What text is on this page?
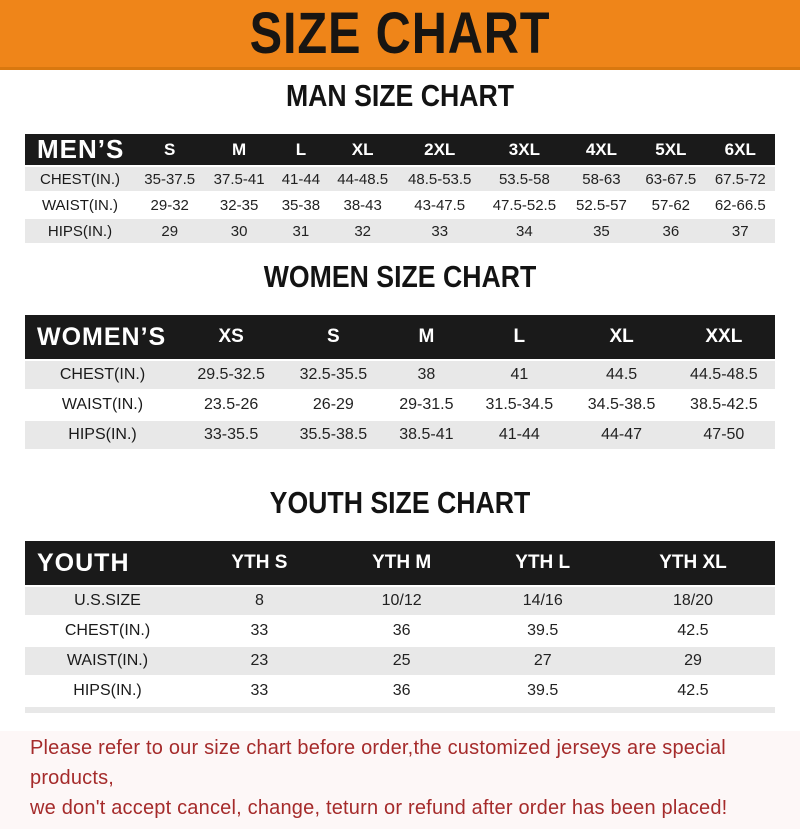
SIZE CHART
MAN SIZE CHART
MEN’S	S	M	L	XL	2XL	3XL	4XL	5XL	6XL
CHEST(IN.)	35-37.5	37.5-41	41-44	44-48.5	48.5-53.5	53.5-58	58-63	63-67.5	67.5-72
WAIST(IN.)	29-32	32-35	35-38	38-43	43-47.5	47.5-52.5	52.5-57	57-62	62-66.5
HIPS(IN.)	29	30	31	32	33	34	35	36	37
WOMEN SIZE CHART
WOMEN’S	XS	S	M	L	XL	XXL
CHEST(IN.)	29.5-32.5	32.5-35.5	38	41	44.5	44.5-48.5
WAIST(IN.)	23.5-26	26-29	29-31.5	31.5-34.5	34.5-38.5	38.5-42.5
HIPS(IN.)	33-35.5	35.5-38.5	38.5-41	41-44	44-47	47-50
YOUTH SIZE CHART
YOUTH	YTH S	YTH M	YTH L	YTH XL
U.S.SIZE	8	10/12	14/16	18/20
CHEST(IN.)	33	36	39.5	42.5
WAIST(IN.)	23	25	27	29
HIPS(IN.)	33	36	39.5	42.5

Please refer to our size chart before order,the customized jerseys are special products,

we don't accept cancel, change, teturn or refund after order has been placed!
